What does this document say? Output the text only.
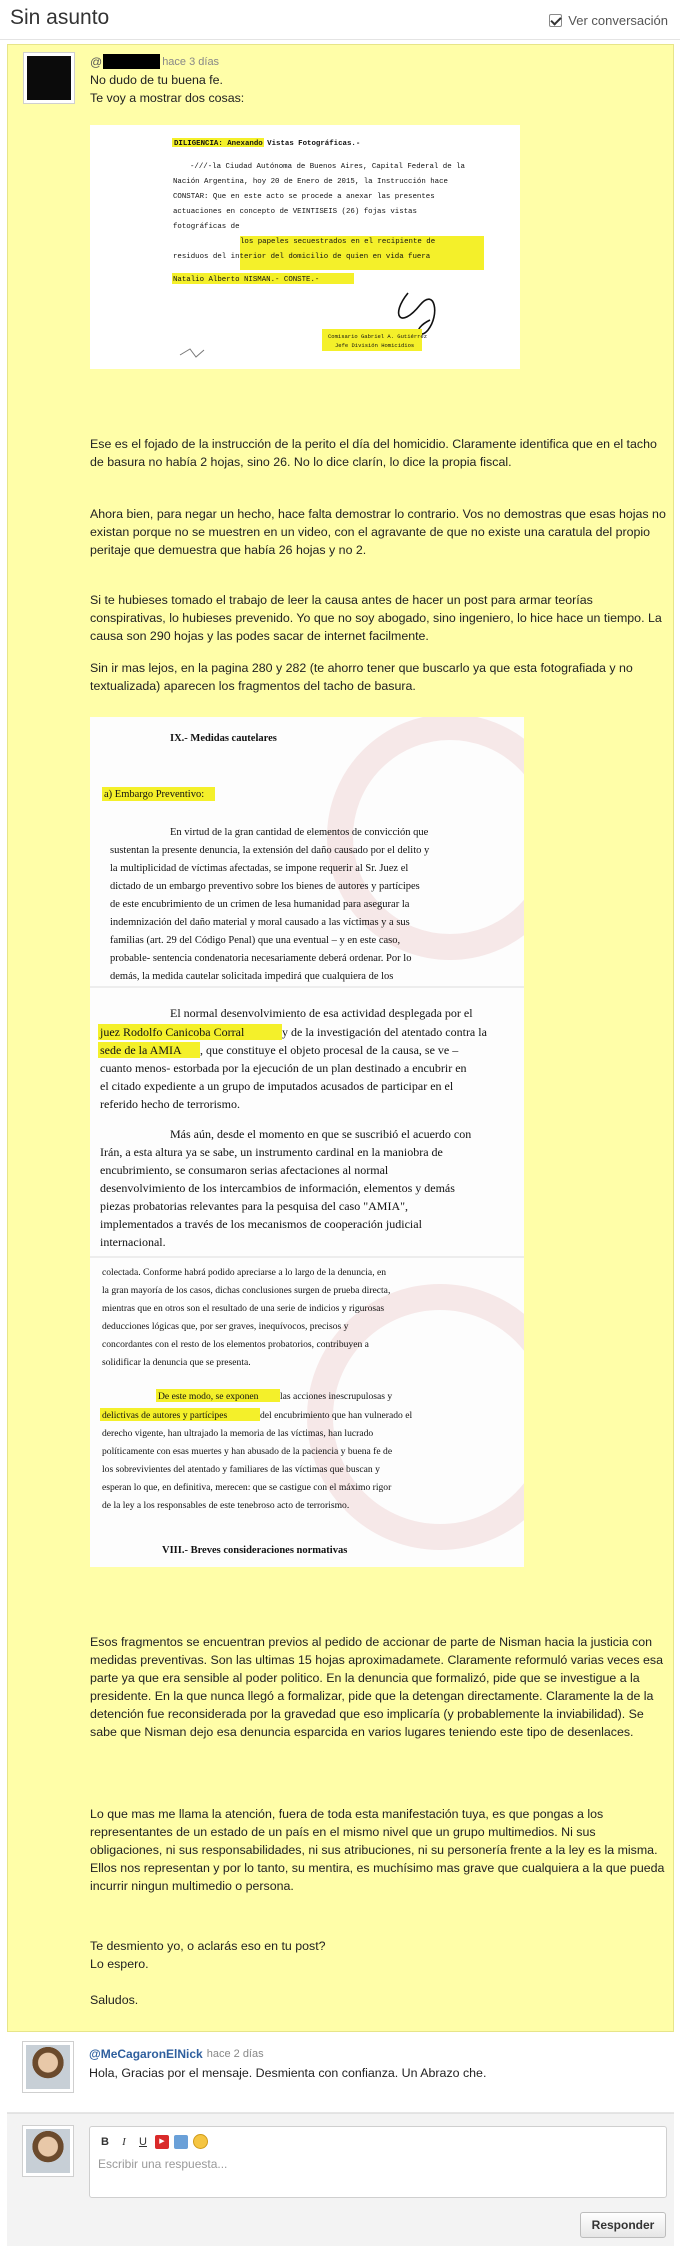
Sin asunto	Ver conversación
@	hace 3 días
No dudo de tu buena fe.
Te voy a mostrar dos cosas:
DILIGENCIA: Anexando Vistas Fotográficas.-
-///-la Ciudad Autónoma de Buenos Aires, Capital Federal de la
Nación Argentina, hoy 20 de Enero de 2015, la Instrucción hace
CONSTAR: Que en este acto se procede a anexar las presentes
actuaciones en concepto de VEINTISEIS (26) fojas vistas
fotográficas de
los papeles secuestrados en el recipiente de
residuos del interior del domicilio de quien en vida fuera
Natalio Alberto NISMAN.- CONSTE.-
Comisario Gabriel A. Gutiérrez
Jefe División Homicidios
Ese es el fojado de la instrucción de la perito el día del homicidio. Claramente identifica que en el tacho de basura no había 2 hojas, sino 26. No lo dice clarín, lo dice la propia fiscal.
Ahora bien, para negar un hecho, hace falta demostrar lo contrario. Vos no demostras que esas hojas no existan porque no se muestren en un video, con el agravante de que no existe una caratula del propio peritaje que demuestra que había 26 hojas y no 2.
Si te hubieses tomado el trabajo de leer la causa antes de hacer un post para armar teorías conspirativas, lo hubieses prevenido. Yo que no soy abogado, sino ingeniero, lo hice hace un tiempo. La causa son 290 hojas y las podes sacar de internet facilmente.
Sin ir mas lejos, en la pagina 280 y 282 (te ahorro tener que buscarlo ya que esta fotografiada y no textualizada) aparecen los fragmentos del tacho de basura.
IX.- Medidas cautelares
a) Embargo Preventivo:
En virtud de la gran cantidad de elementos de convicción que
sustentan la presente denuncia, la extensión del daño causado por el delito y
la multiplicidad de víctimas afectadas, se impone requerir al Sr. Juez el
dictado de un embargo preventivo sobre los bienes de autores y partícipes
de este encubrimiento de un crimen de lesa humanidad para asegurar la
indemnización del daño material y moral causado a las víctimas y a sus
familias (art. 29 del Código Penal) que una eventual – y en este caso,
probable- sentencia condenatoria necesariamente deberá ordenar. Por lo
demás, la medida cautelar solicitada impedirá que cualquiera de los
El normal desenvolvimiento de esa actividad desplegada por el
juez Rodolfo Canicoba Corral	y de la investigación del atentado contra la
sede de la AMIA , que constituye el objeto procesal de la causa, se ve –
cuanto menos- estorbada por la ejecución de un plan destinado a encubrir en
el citado expediente a un grupo de imputados acusados de participar en el
referido hecho de terrorismo.
Más aún, desde el momento en que se suscribió el acuerdo con
Irán, a esta altura ya se sabe, un instrumento cardinal en la maniobra de
encubrimiento, se consumaron serias afectaciones al normal
desenvolvimiento de los intercambios de información, elementos y demás
piezas probatorias relevantes para la pesquisa del caso "AMIA",
implementados a través de los mecanismos de cooperación judicial
internacional.
colectada. Conforme habrá podido apreciarse a lo largo de la denuncia, en
la gran mayoría de los casos, dichas conclusiones surgen de prueba directa,
mientras que en otros son el resultado de una serie de indicios y rigurosas
deducciones lógicas que, por ser graves, inequívocos, precisos y
concordantes con el resto de los elementos probatorios, contribuyen a
solidificar la denuncia que se presenta.
De este modo, se exponen las acciones inescrupulosas y
delictivas de autores y partícipes	del encubrimiento que han vulnerado el
derecho vigente, han ultrajado la memoria de las víctimas, han lucrado
políticamente con esas muertes y han abusado de la paciencia y buena fe de
los sobrevivientes del atentado y familiares de las víctimas que buscan y
esperan lo que, en definitiva, merecen: que se castigue con el máximo rigor
de la ley a los responsables de este tenebroso acto de terrorismo.
VIII.- Breves consideraciones normativas
Esos fragmentos se encuentran previos al pedido de accionar de parte de Nisman hacia la justicia con medidas preventivas. Son las ultimas 15 hojas aproximadamete. Claramente reformuló varias veces esa parte ya que era sensible al poder politico. En la denuncia que formalizó, pide que se investigue a la presidente. En la que nunca llegó a formalizar, pide que la detengan directamente. Claramente la de la detención fue reconsiderada por la gravedad que eso implicaría (y probablemente la inviabilidad). Se sabe que Nisman dejo esa denuncia esparcida en varios lugares teniendo este tipo de desenlaces.
Lo que mas me llama la atención, fuera de toda esta manifestación tuya, es que pongas a los representantes de un estado de un país en el mismo nivel que un grupo multimedios. Ni sus obligaciones, ni sus responsabilidades, ni sus atribuciones, ni su personería frente a la ley es la misma. Ellos nos representan y por lo tanto, su mentira, es muchísimo mas grave que cualquiera a la que pueda incurrir ningun multimedio o persona.
Te desmiento yo, o aclarás eso en tu post?
Lo espero.
Saludos.
@MeCagaronElNick hace 2 días
Hola, Gracias por el mensaje. Desmienta con confianza. Un Abrazo che.
B	I	U	▶
Escribir una respuesta...
Responder
